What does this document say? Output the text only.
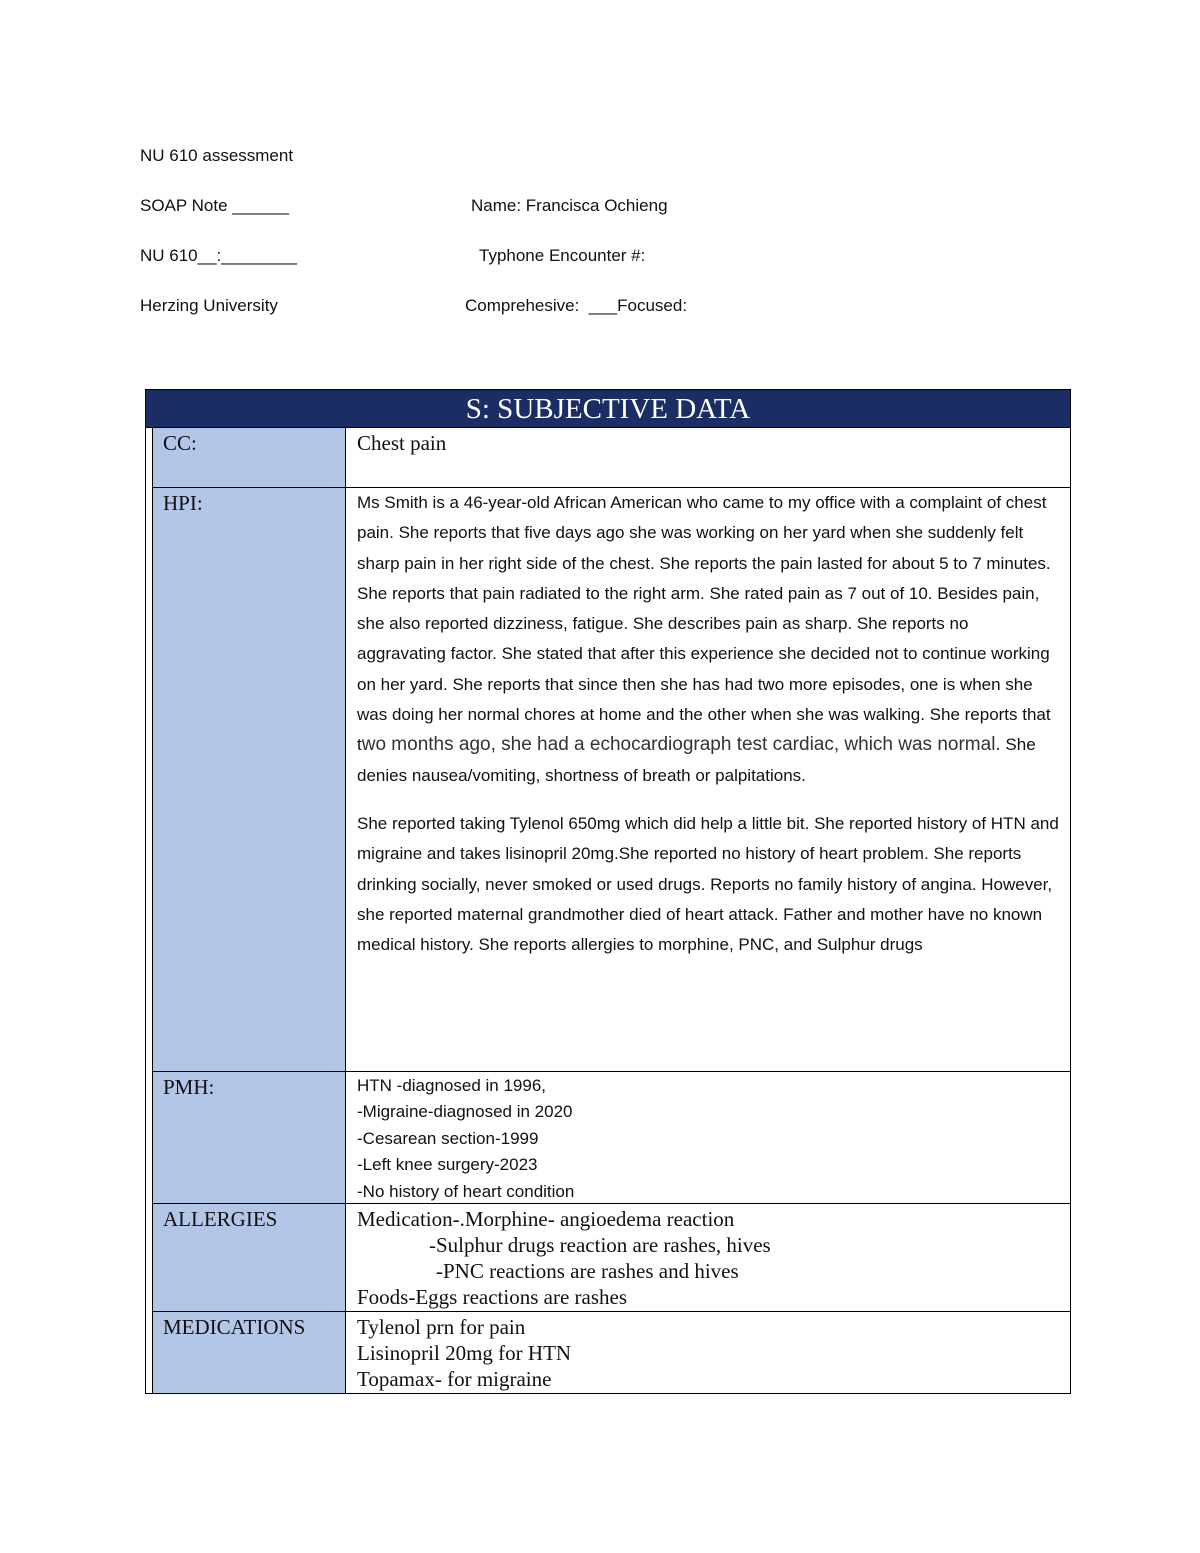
NU 610 assessment
SOAP Note ______	Name: Francisca Ochieng
NU 610__:________	Typhone Encounter #:
Herzing University	Comprehesive:  ___Focused:
S: SUBJECTIVE DATA
CC:	Chest pain
HPI:	Ms Smith is a 46-year-old African American who came to my office with a complaint of chest pain. She reports that five days ago she was working on her yard when she suddenly felt sharp pain in her right side of the chest. She reports the pain lasted for about 5 to 7 minutes. She reports that pain radiated to the right arm. She rated pain as 7 out of 10. Besides pain, she also reported dizziness, fatigue. She describes pain as sharp. She reports no aggravating factor. She stated that after this experience she decided not to continue working on her yard. She reports that since then she has had two more episodes, one is when she was doing her normal chores at home and the other when she was walking. She reports that two months ago, she had a echocardiograph test cardiac, which was normal. She denies nausea/vomiting, shortness of breath or palpitations.

She reported taking Tylenol 650mg which did help a little bit. She reported history of HTN and migraine and takes lisinopril 20mg.She reported no history of heart problem. She reports drinking socially, never smoked or used drugs. Reports no family history of angina. However, she reported maternal grandmother died of heart attack. Father and mother have no known medical history. She reports allergies to morphine, PNC, and Sulphur drugs

PMH:	HTN -diagnosed in 1996,
-Migraine-diagnosed in 2020
-Cesarean section-1999
-Left knee surgery-2023
-No history of heart condition
ALLERGIES	Medication-.Morphine- angioedema reaction
-Sulphur drugs reaction are rashes, hives
-PNC reactions are rashes and hives
Foods-Eggs reactions are rashes
MEDICATIONS	Tylenol prn for pain
Lisinopril 20mg for HTN
Topamax- for migraine
